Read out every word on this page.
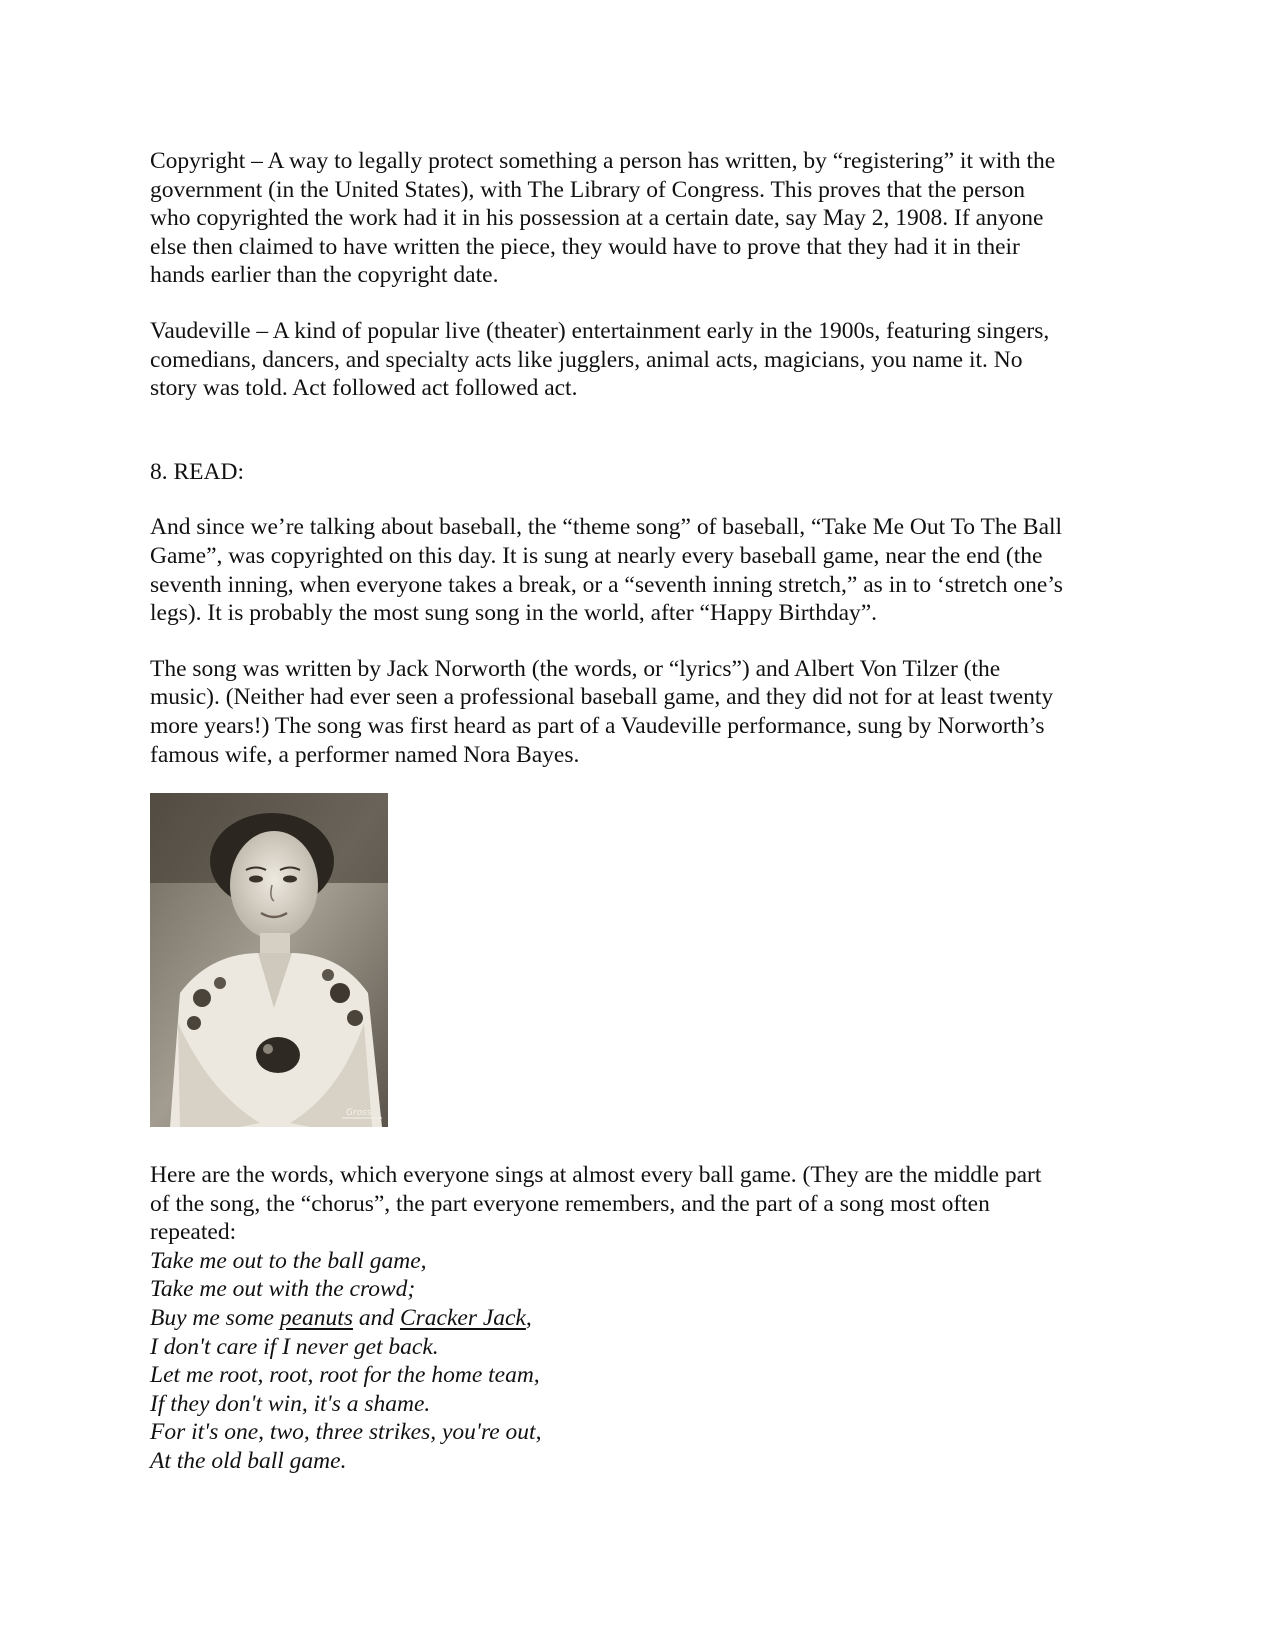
Copyright – A way to legally protect something a person has written, by “registering” it with the
government (in the United States), with The Library of Congress. This proves that the person
who copyrighted the work had it in his possession at a certain date, say May 2, 1908. If anyone
else then claimed to have written the piece, they would have to prove that they had it in their
hands earlier than the copyright date.

Vaudeville – A kind of popular live (theater) entertainment early in the 1900s, featuring singers,
comedians, dancers, and specialty acts like jugglers, animal acts, magicians, you name it. No
story was told. Act followed act followed act.

8. READ:

And since we’re talking about baseball, the “theme song” of baseball, “Take Me Out To The Ball
Game”, was copyrighted on this day. It is sung at nearly every baseball game, near the end (the
seventh inning, when everyone takes a break, or a “seventh inning stretch,” as in to ‘stretch one’s
legs). It is probably the most sung song in the world, after “Happy Birthday”.

The song was written by Jack Norworth (the words, or “lyrics”) and Albert Von Tilzer (the
music). (Neither had ever seen a professional baseball game, and they did not for at least twenty
more years!) The song was first heard as part of a Vaudeville performance, sung by Norworth’s
famous wife, a performer named Nora Bayes.

Gross

Here are the words, which everyone sings at almost every ball game. (They are the middle part
of the song, the “chorus”, the part everyone remembers, and the part of a song most often
repeated:

Take me out to the ball game,

Take me out with the crowd;

Buy me some peanuts and Cracker Jack,

I don't care if I never get back.

Let me root, root, root for the home team,

If they don't win, it's a shame.

For it's one, two, three strikes, you're out,

At the old ball game.
